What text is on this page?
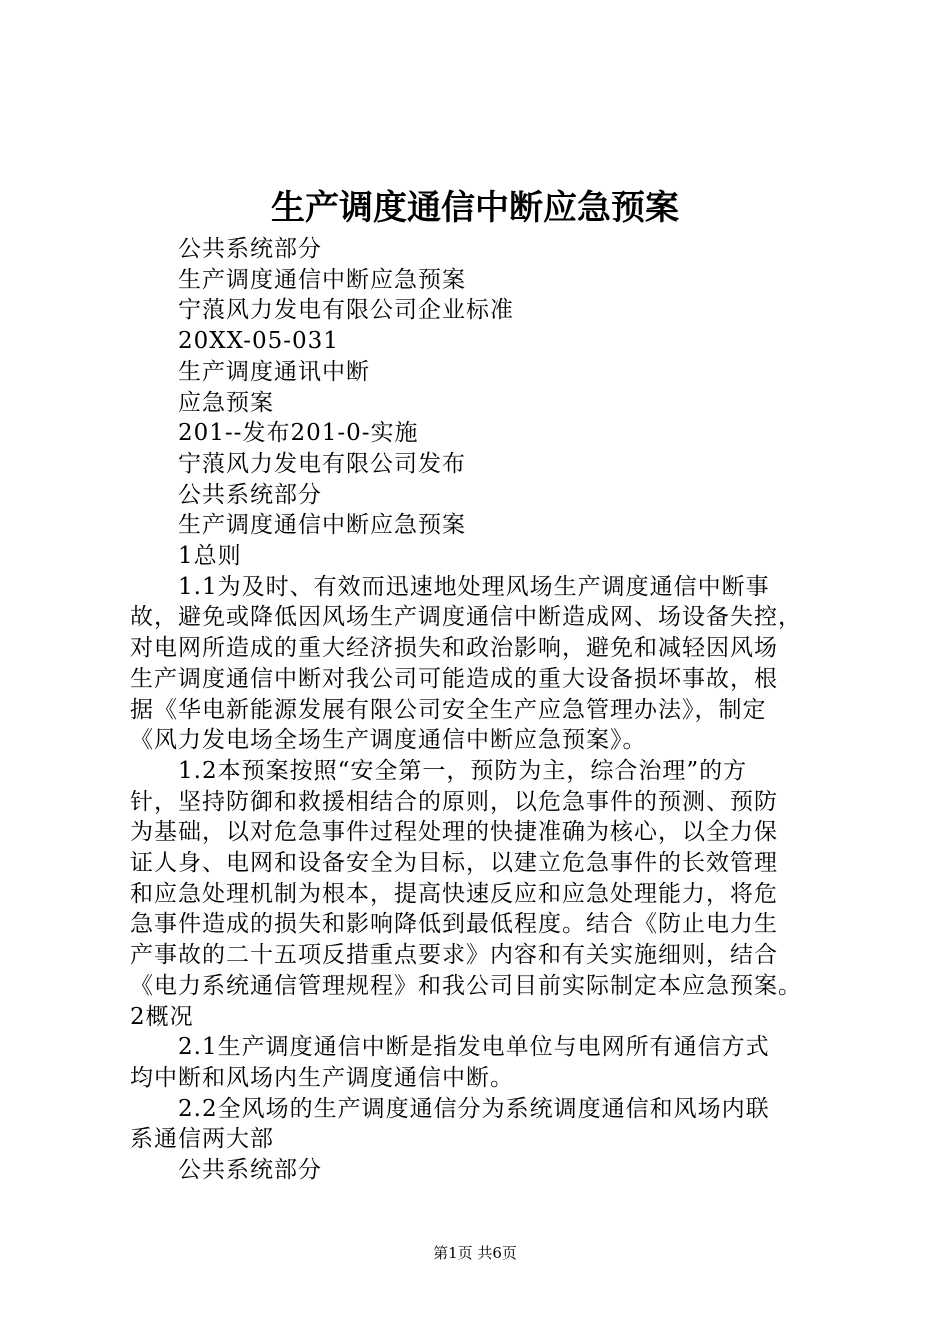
生产调度通信中断应急预案
公共系统部分
生产调度通信中断应急预案
宁蒗风力发电有限公司企业标准
20XX-05-031
生产调度通讯中断
应急预案
201--发布201-0-实施
宁蒗风力发电有限公司发布
公共系统部分
生产调度通信中断应急预案
1总则
1.1为及时、有效而迅速地处理风场生产调度通信中断事
故，避免或降低因风场生产调度通信中断造成网、场设备失控，
对电网所造成的重大经济损失和政治影响，避免和减轻因风场
生产调度通信中断对我公司可能造成的重大设备损坏事故，根
据《华电新能源发展有限公司安全生产应急管理办法》，制定
《风力发电场全场生产调度通信中断应急预案》。
1.2本预案按照“安全第一，预防为主，综合治理”的方
针，坚持防御和救援相结合的原则，以危急事件的预测、预防
为基础，以对危急事件过程处理的快捷准确为核心，以全力保
证人身、电网和设备安全为目标，以建立危急事件的长效管理
和应急处理机制为根本，提高快速反应和应急处理能力，将危
急事件造成的损失和影响降低到最低程度。结合《防止电力生
产事故的二十五项反措重点要求》内容和有关实施细则，结合
《电力系统通信管理规程》和我公司目前实际制定本应急预案。
2概况
2.1生产调度通信中断是指发电单位与电网所有通信方式
均中断和风场内生产调度通信中断。
2.2全风场的生产调度通信分为系统调度通信和风场内联
系通信两大部
公共系统部分
第1页 共6页
